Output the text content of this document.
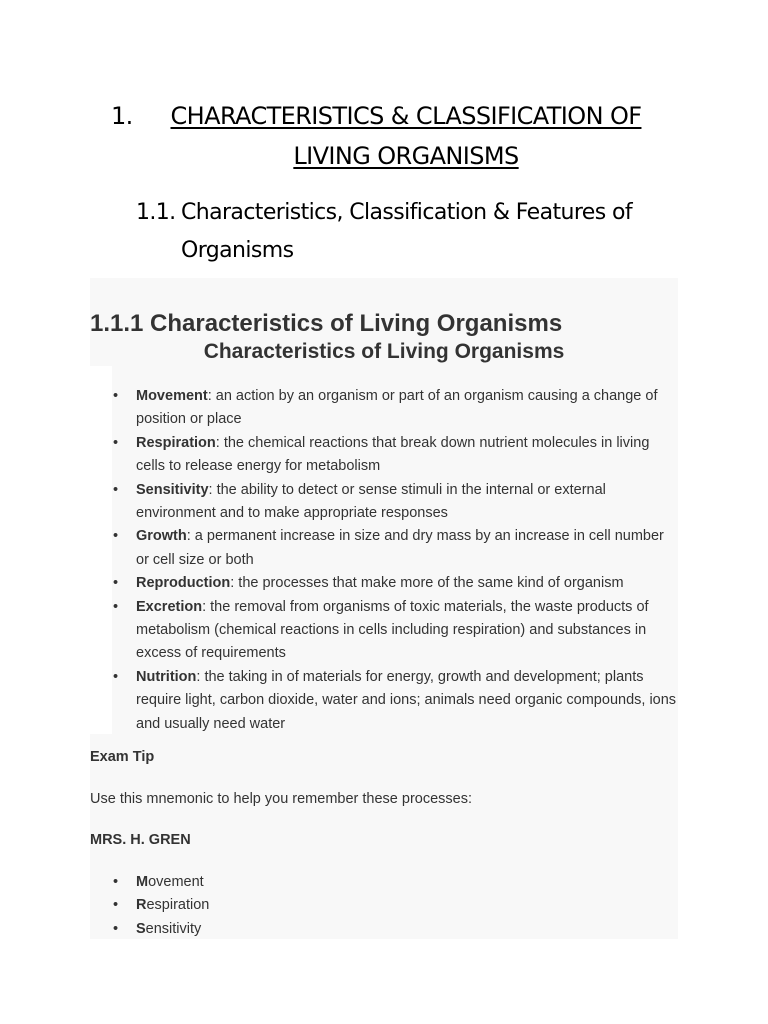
1.	CHARACTERISTICS & CLASSIFICATION OF LIVING ORGANISMS
1.1. Characteristics, Classification & Features of Organisms
1.1.1 Characteristics of Living Organisms
Characteristics of Living Organisms
• Movement: an action by an organism or part of an organism causing a change of position or place
• Respiration: the chemical reactions that break down nutrient molecules in living cells to release energy for metabolism
• Sensitivity: the ability to detect or sense stimuli in the internal or external environment and to make appropriate responses
• Growth: a permanent increase in size and dry mass by an increase in cell number or cell size or both
• Reproduction: the processes that make more of the same kind of organism
• Excretion: the removal from organisms of toxic materials, the waste products of metabolism (chemical reactions in cells including respiration) and substances in excess of requirements
• Nutrition: the taking in of materials for energy, growth and development; plants require light, carbon dioxide, water and ions; animals need organic compounds, ions and usually need water
Exam Tip
Use this mnemonic to help you remember these processes:
MRS. H. GREN
• Movement
• Respiration
• Sensitivity
